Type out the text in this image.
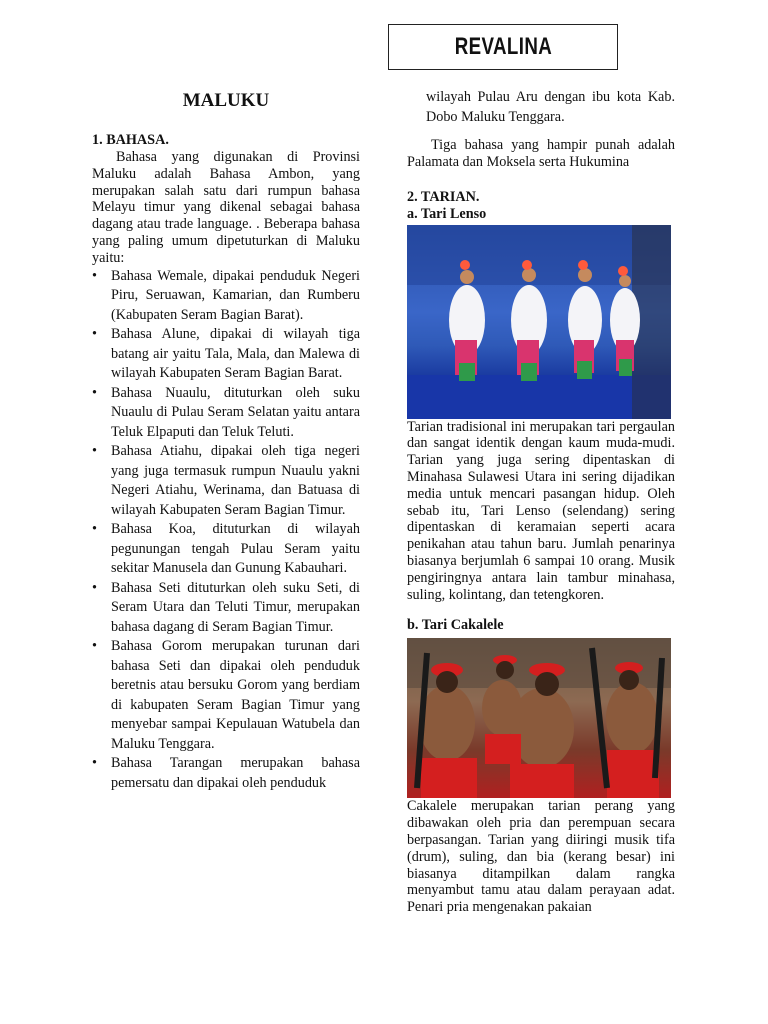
REVALINA
MALUKU
1. BAHASA.

Bahasa yang digunakan di Provinsi Maluku adalah Bahasa Ambon, yang merupakan salah satu dari rumpun bahasa Melayu timur yang dikenal sebagai bahasa dagang atau trade language. . Beberapa bahasa yang paling umum dipetuturkan di Maluku yaitu:

• Bahasa Wemale, dipakai penduduk Negeri Piru, Seruawan, Kamarian, dan Rumberu (Kabupaten Seram Bagian Barat).
• Bahasa Alune, dipakai di wilayah tiga batang air yaitu Tala, Mala, dan Malewa di wilayah Kabupaten Seram Bagian Barat.
• Bahasa Nuaulu, dituturkan oleh suku Nuaulu di Pulau Seram Selatan yaitu antara Teluk Elpaputi dan Teluk Teluti.
• Bahasa Atiahu, dipakai oleh tiga negeri yang juga termasuk rumpun Nuaulu yakni Negeri Atiahu, Werinama, dan Batuasa di wilayah Kabupaten Seram Bagian Timur.
• Bahasa Koa, dituturkan di wilayah pegunungan tengah Pulau Seram yaitu sekitar Manusela dan Gunung Kabauhari.
• Bahasa Seti dituturkan oleh suku Seti, di Seram Utara dan Teluti Timur, merupakan bahasa dagang di Seram Bagian Timur.
• Bahasa Gorom merupakan turunan dari bahasa Seti dan dipakai oleh penduduk beretnis atau bersuku Gorom yang berdiam di kabupaten Seram Bagian Timur yang menyebar sampai Kepulauan Watubela dan Maluku Tenggara.
• Bahasa Tarangan merupakan bahasa pemersatu dan dipakai oleh penduduk

wilayah Pulau Aru dengan ibu kota Kab. Dobo Maluku Tenggara.

Tiga bahasa yang hampir punah adalah Palamata dan Moksela serta Hukumina

2. TARIAN.
a. Tari Lenso

Tarian tradisional ini merupakan tari pergaulan dan sangat identik dengan kaum muda-mudi. Tarian yang juga sering dipentaskan di Minahasa Sulawesi Utara ini sering dijadikan media untuk mencari pasangan hidup. Oleh sebab itu, Tari Lenso (selendang) sering dipentaskan di keramaian seperti acara penikahan atau tahun baru. Jumlah penarinya biasanya berjumlah 6 sampai 10 orang. Musik pengiringnya antara lain tambur minahasa, suling, kolintang, dan tetengkoren.

b. Tari Cakalele

Cakalele merupakan tarian perang yang dibawakan oleh pria dan perempuan secara berpasangan. Tarian yang diiringi musik tifa (drum), suling, dan bia (kerang besar) ini biasanya ditampilkan dalam rangka menyambut tamu atau dalam perayaan adat. Penari pria mengenakan pakaian
